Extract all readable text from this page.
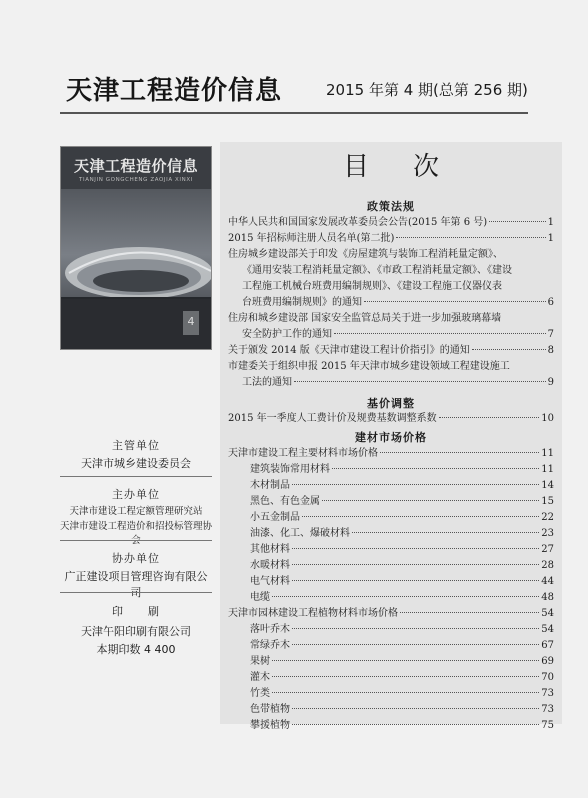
天津工程造价信息	2015 年第 4 期(总第 256 期)
天津工程造价信息
TIANJIN GONGCHENG ZAOJIA XINXI
4
主管单位
天津市城乡建设委员会
主办单位
天津市建设工程定额管理研究站
天津市建设工程造价和招投标管理协
协办单位
广正建设项目管理咨询有限公司
印　　刷
天津午阳印刷有限公司
本期印数 4 400
目次
政策法规
中华人民共和国国家发展改革委员会公告(2015 年第 6 号)	1
2015 年招标师注册人员名单(第二批)	1
住房城乡建设部关于印发《房屋建筑与装饰工程消耗量定额》、
《通用安装工程消耗量定额》、《市政工程消耗量定额》、《建设
工程施工机械台班费用编制规则》、《建设工程施工仪器仪表
台班费用编制规则》的通知	6
住房和城乡建设部 国家安全监管总局关于进一步加强玻璃幕墙
安全防护工作的通知	7
关于颁发 2014 版《天津市建设工程计价指引》的通知	8
市建委关于组织申报 2015 年天津市城乡建设领域工程建设施工
工法的通知	9
基价调整
2015 年一季度人工费计价及规费基数调整系数	10
建材市场价格
天津市建设工程主要材料市场价格	11
建筑装饰常用材料	11
木材制品	14
黑色、有色金属	15
小五金制品	22
油漆、化工、爆破材料	23
其他材料	27
水暖材料	28
电气材料	44
电缆	48
天津市园林建设工程植物材料市场价格	54
落叶乔木	54
常绿乔木	67
果树	69
灌木	70
竹类	73
色带植物	73
攀援植物	75
